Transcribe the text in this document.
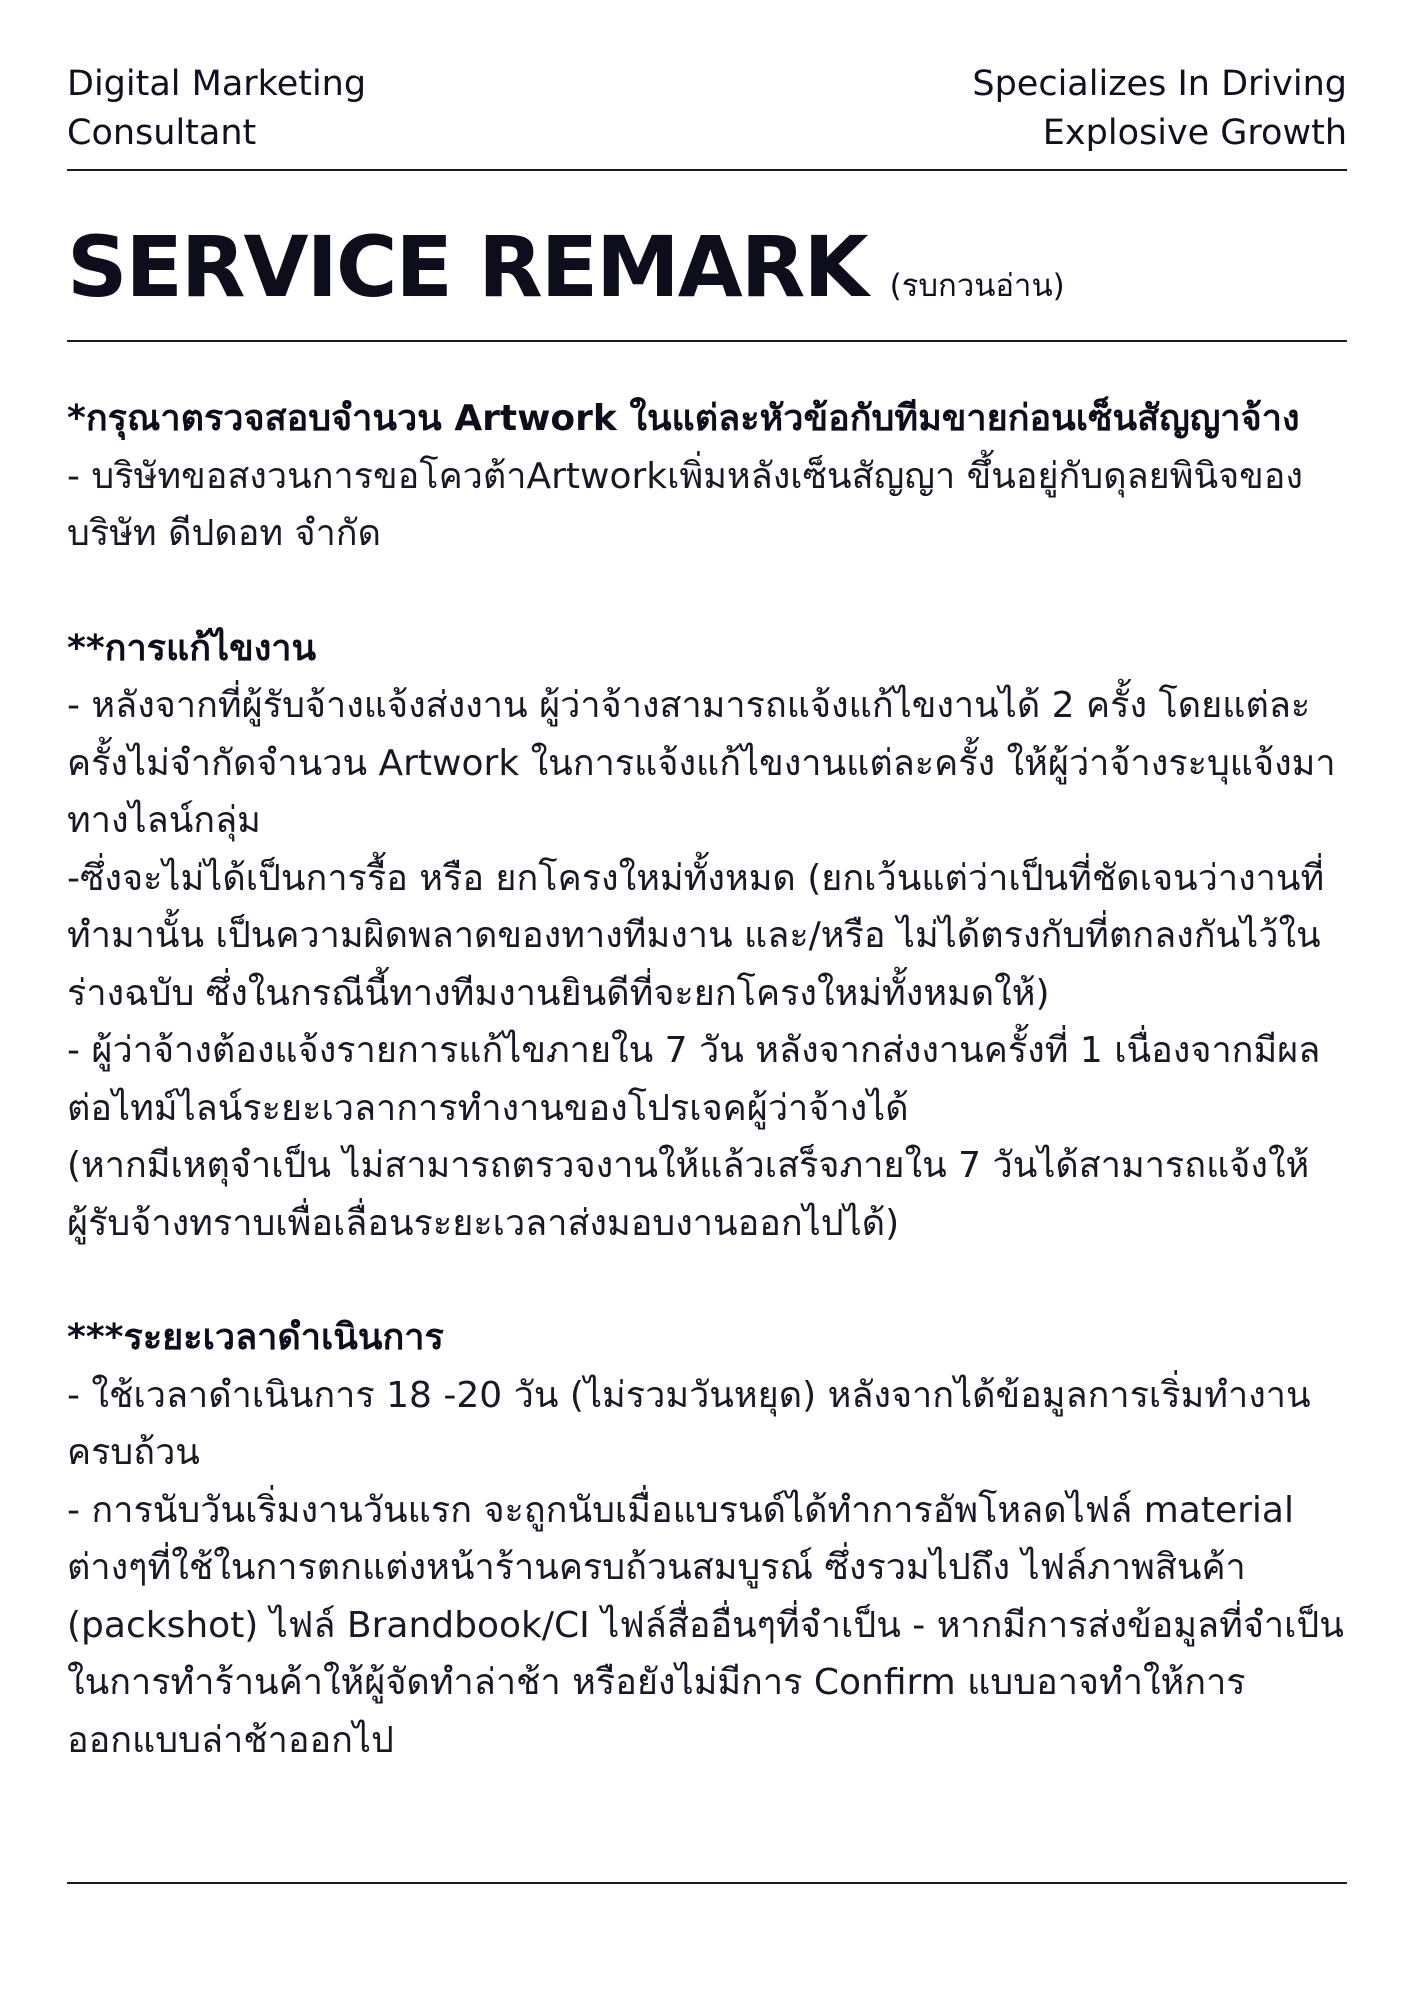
Digital Marketing
Consultant
Specializes In Driving
Explosive Growth
SERVICE REMARK (รบกวนอ่าน)

*กรุณาตรวจสอบจำนวน Artwork ในแต่ละหัวข้อกับทีมขายก่อนเซ็นสัญญาจ้าง

- บริษัทขอสงวนการขอโควต้าArtworkเพิ่มหลังเซ็นสัญญา ขึ้นอยู่กับดุลยพินิจของบริษัท ดีปดอท จำกัด

**การแก้ไขงาน

- หลังจากที่ผู้รับจ้างแจ้งส่งงาน ผู้ว่าจ้างสามารถแจ้งแก้ไขงานได้ 2 ครั้ง โดยแต่ละครั้งไม่จำกัดจำนวน Artwork ในการแจ้งแก้ไขงานแต่ละครั้ง ให้ผู้ว่าจ้างระบุแจ้งมาทางไลน์กลุ่ม

-ซึ่งจะไม่ได้เป็นการรื้อ หรือ ยกโครงใหม่ทั้งหมด (ยกเว้นแต่ว่าเป็นที่ชัดเจนว่างานที่ทำมานั้น เป็นความผิดพลาดของทางทีมงาน และ/หรือ ไม่ได้ตรงกับที่ตกลงกันไว้ในร่างฉบับ ซึ่งในกรณีนี้ทางทีมงานยินดีที่จะยกโครงใหม่ทั้งหมดให้)

- ผู้ว่าจ้างต้องแจ้งรายการแก้ไขภายใน 7 วัน หลังจากส่งงานครั้งที่ 1 เนื่องจากมีผลต่อไทม์ไลน์ระยะเวลาการทำงานของโปรเจคผู้ว่าจ้างได้

(หากมีเหตุจำเป็น ไม่สามารถตรวจงานให้แล้วเสร็จภายใน 7 วันได้สามารถแจ้งให้ผู้รับจ้างทราบเพื่อเลื่อนระยะเวลาส่งมอบงานออกไปได้)

***ระยะเวลาดำเนินการ

- ใช้เวลาดำเนินการ 18 -20 วัน (ไม่รวมวันหยุด) หลังจากได้ข้อมูลการเริ่มทำงานครบถ้วน

- การนับวันเริ่มงานวันแรก จะถูกนับเมื่อแบรนด์ได้ทำการอัพโหลดไฟล์ material ต่างๆที่ใช้ในการตกแต่งหน้าร้านครบถ้วนสมบูรณ์ ซึ่งรวมไปถึง ไฟล์ภาพสินค้า (packshot) ไฟล์ Brandbook/CI ไฟล์สื่ออื่นๆที่จำเป็น - หากมีการส่งข้อมูลที่จำเป็นในการทำร้านค้าให้ผู้จัดทำล่าช้า หรือยังไม่มีการ Confirm แบบอาจทำให้การออกแบบล่าช้าออกไป
